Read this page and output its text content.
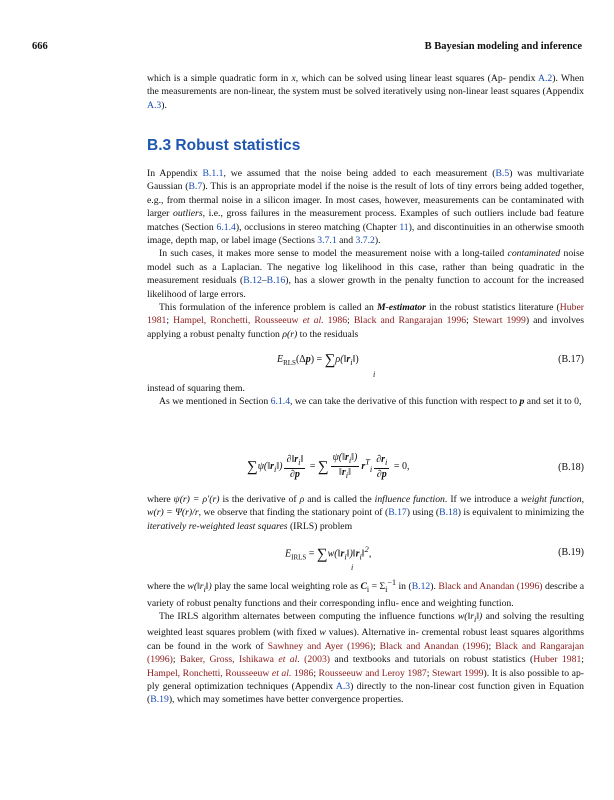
666	B Bayesian modeling and inference

which is a simple quadratic form in x, which can be solved using linear least squares (Ap- pendix A.2). When the measurements are non-linear, the system must be solved iteratively using non-linear least squares (Appendix A.3).

B.3 Robust statistics

In Appendix B.1.1, we assumed that the noise being added to each measurement (B.5) was multivariate Gaussian (B.7). This is an appropriate model if the noise is the result of lots of tiny errors being added together, e.g., from thermal noise in a silicon imager. In most cases, however, measurements can be contaminated with larger outliers, i.e., gross failures in the measurement process. Examples of such outliers include bad feature matches (Section 6.1.4), occlusions in stereo matching (Chapter 11), and discontinuities in an otherwise smooth image, depth map, or label image (Sections 3.7.1 and 3.7.2).

In such cases, it makes more sense to model the measurement noise with a long-tailed contaminated noise model such as a Laplacian. The negative log likelihood in this case, rather than being quadratic in the measurement residuals (B.12–B.16), has a slower growth in the penalty function to account for the increased likelihood of large errors.

This formulation of the inference problem is called an M-estimator in the robust statistics literature (Huber 1981; Hampel, Ronchetti, Rousseeuw et al. 1986; Black and Rangarajan 1996; Stewart 1999) and involves applying a robust penalty function ρ(r) to the residuals

$E_{RLS}(\Delta p)$ = $\sum\rho(‖r_i‖)$
i
(B.17)

instead of squaring them.

As we mentioned in Section 6.1.4, we can take the derivative of this function with respect to p and set it to 0,

$\sum\psi(‖r_i‖) \frac{\partial‖r_i‖}{\partial p}$ = ∑ $\frac{\psi(‖r_i‖)}{‖r_i‖} r^T_i \frac{\partial r_i}{\partial p} = 0$,	(B.18)

where ψ(r) = ρ′(r) is the derivative of ρ and is called the influence function. If we introduce a weight function, w(r) = Ψ(r)/r, we observe that finding the stationary point of (B.17) using (B.18) is equivalent to minimizing the iteratively re-weighted least squares (IRLS) problem

$E_{IRLS}$ = $\sum w(‖r_i‖)‖r_i‖^2$,
i
(B.19)

where the $w(‖r_i‖)$ play the same local weighting role as $C_i = \Sigma_i^{-1}$ in (B.12). Black and Anandan (1996) describe a variety of robust penalty functions and their corresponding influ- ence and weighting function.

The IRLS algorithm alternates between computing the influence functions $w(‖r_i‖)$ and solving the resulting weighted least squares problem (with fixed w values). Alternative in- cremental robust least squares algorithms can be found in the work of Sawhney and Ayer (1996); Black and Anandan (1996); Black and Rangarajan (1996); Baker, Gross, Ishikawa et al. (2003) and textbooks and tutorials on robust statistics (Huber 1981; Hampel, Ronchetti, Rousseeuw et al. 1986; Rousseeuw and Leroy 1987; Stewart 1999). It is also possible to ap- ply general optimization techniques (Appendix A.3) directly to the non-linear cost function given in Equation (B.19), which may sometimes have better convergence properties.
